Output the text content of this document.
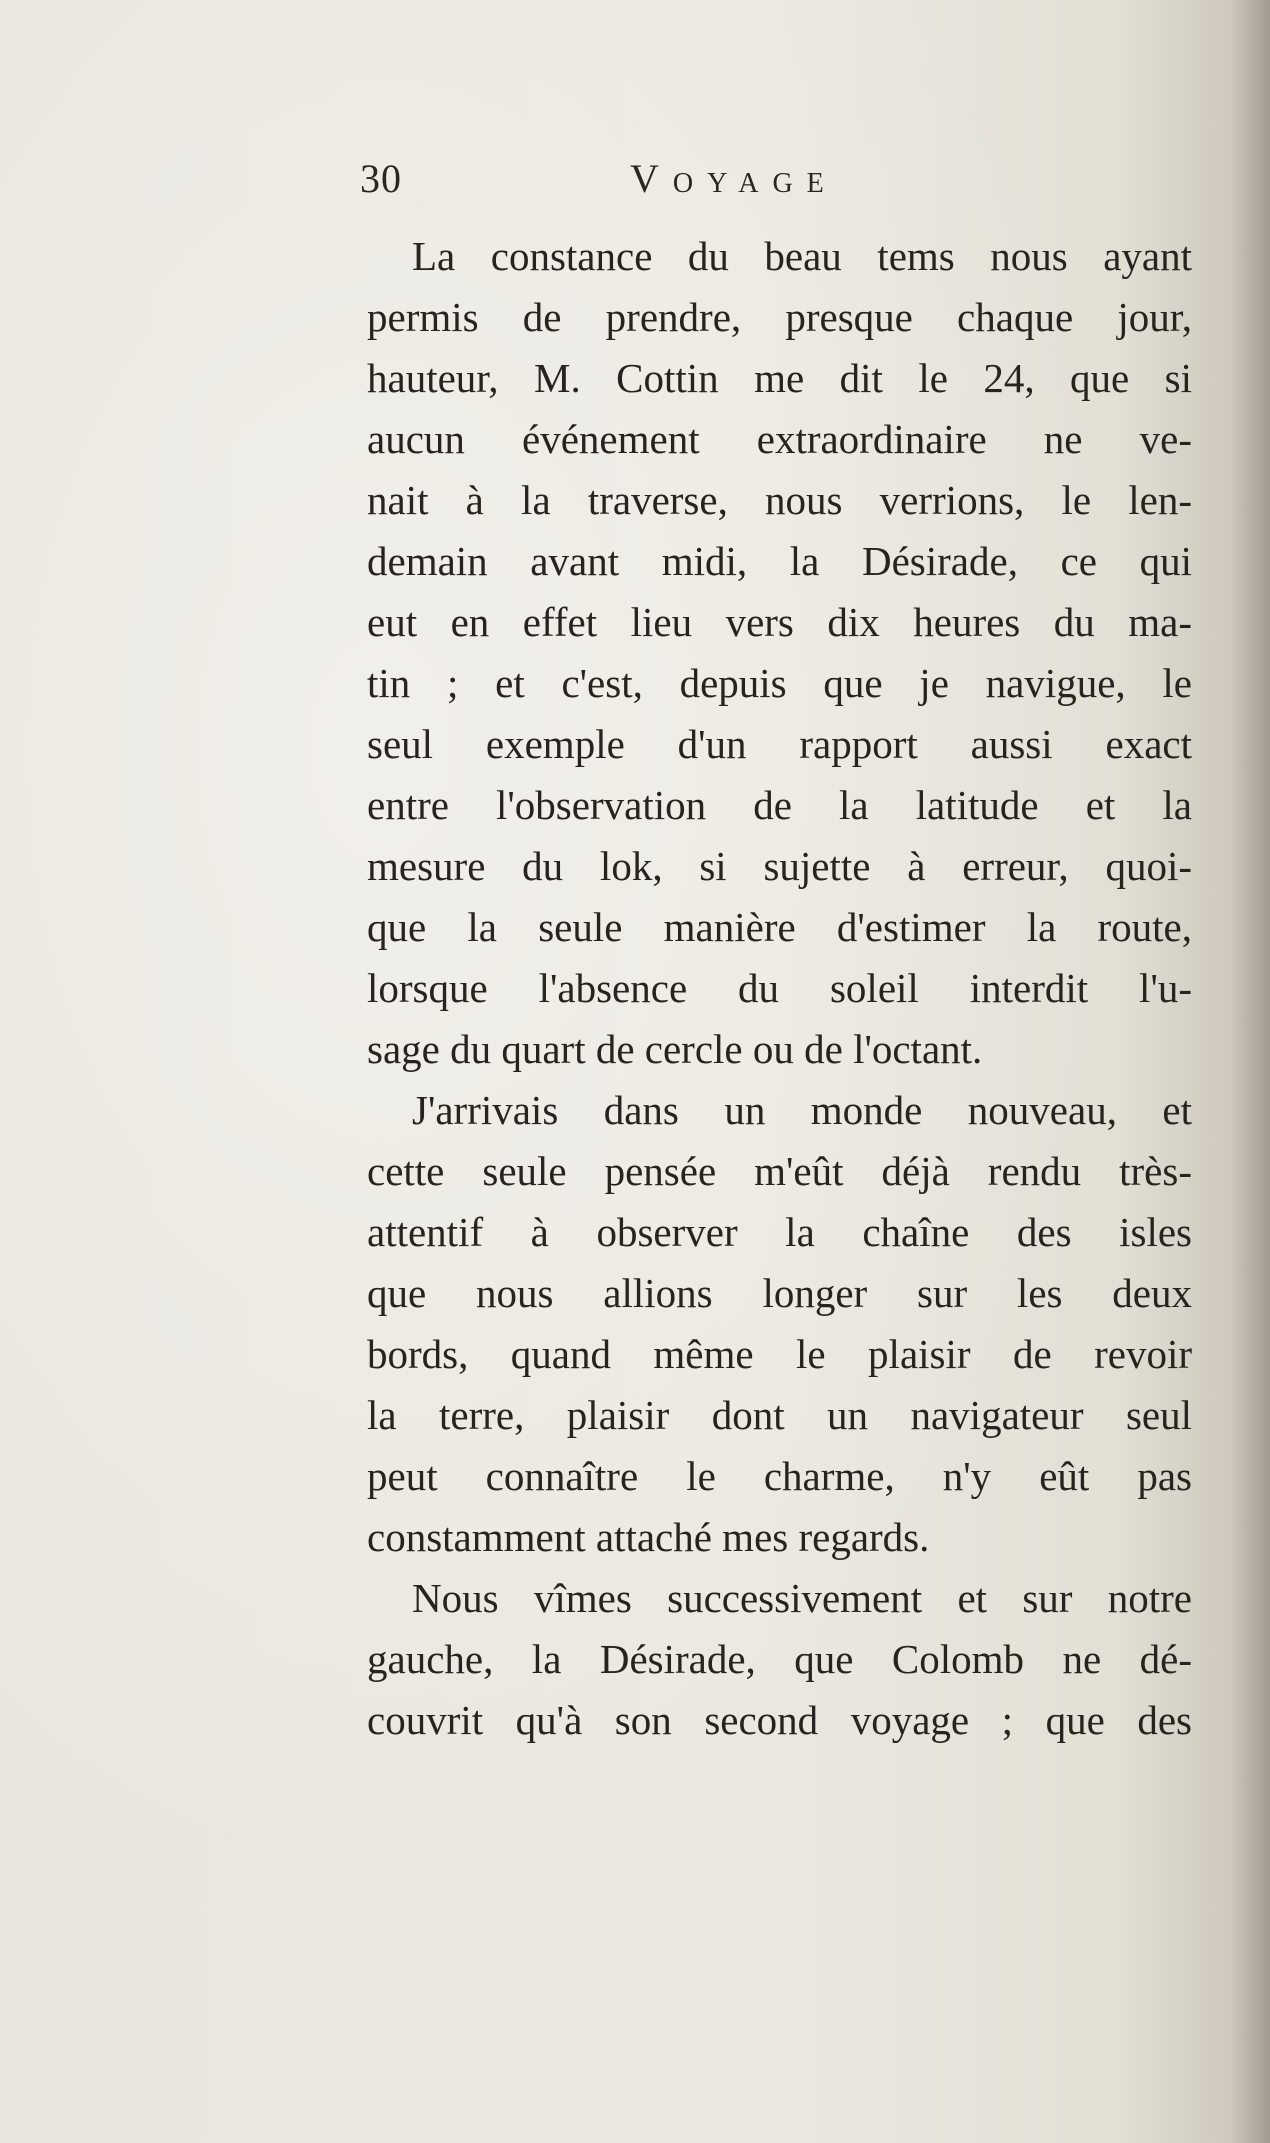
30	Voyage
La constance du beau tems nous ayant
permis de prendre, presque chaque jour,
hauteur, M. Cottin me dit le 24, que si
aucun événement extraordinaire ne ve-
nait à la traverse, nous verrions, le len-
demain avant midi, la Désirade, ce qui
eut en effet lieu vers dix heures du ma-
tin ; et c'est, depuis que je navigue, le
seul exemple d'un rapport aussi exact
entre l'observation de la latitude et la
mesure du lok, si sujette à erreur, quoi-
que la seule manière d'estimer la route,
lorsque l'absence du soleil interdit l'u-
sage du quart de cercle ou de l'octant.
J'arrivais dans un monde nouveau, et
cette seule pensée m'eût déjà rendu très-
attentif à observer la chaîne des isles
que nous allions longer sur les deux
bords, quand même le plaisir de revoir
la terre, plaisir dont un navigateur seul
peut connaître le charme, n'y eût pas
constamment attaché mes regards.
Nous vîmes successivement et sur notre
gauche, la Désirade, que Colomb ne dé-
couvrit qu'à son second voyage ; que des
